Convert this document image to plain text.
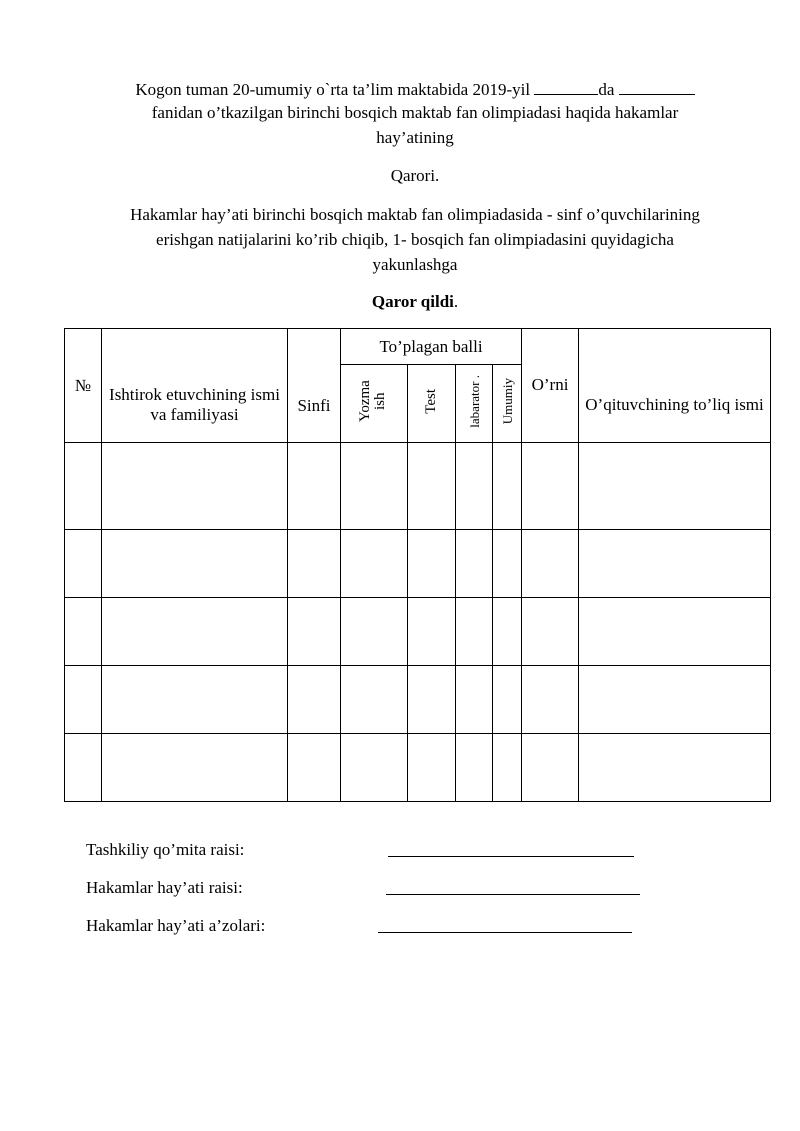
Kogon tuman 20-umumiy o`rta ta’lim maktabida 2019-yil	da
fanidan o’tkazilgan birinchi bosqich maktab fan olimpiadasi haqida hakamlar
hay’atining
Qarori.
Hakamlar hay’ati birinchi bosqich maktab fan olimpiadasida - sinf o’quvchilarining
erishgan natijalarini ko’rib chiqib, 1- bosqich fan olimpiadasini quyidagicha
yakunlashga
Qaror qildi.
№	Ishtirok etuvchining ismi va familiyasi	Sinfi	To’plagan balli				O’rni	O’qituvchining to’liq ismi
			Yozma ish	Test	labarator .	Umumiy		

Tashkiliy qo’mita raisi:
Hakamlar hay’ati raisi:
Hakamlar hay’ati a’zolari:
